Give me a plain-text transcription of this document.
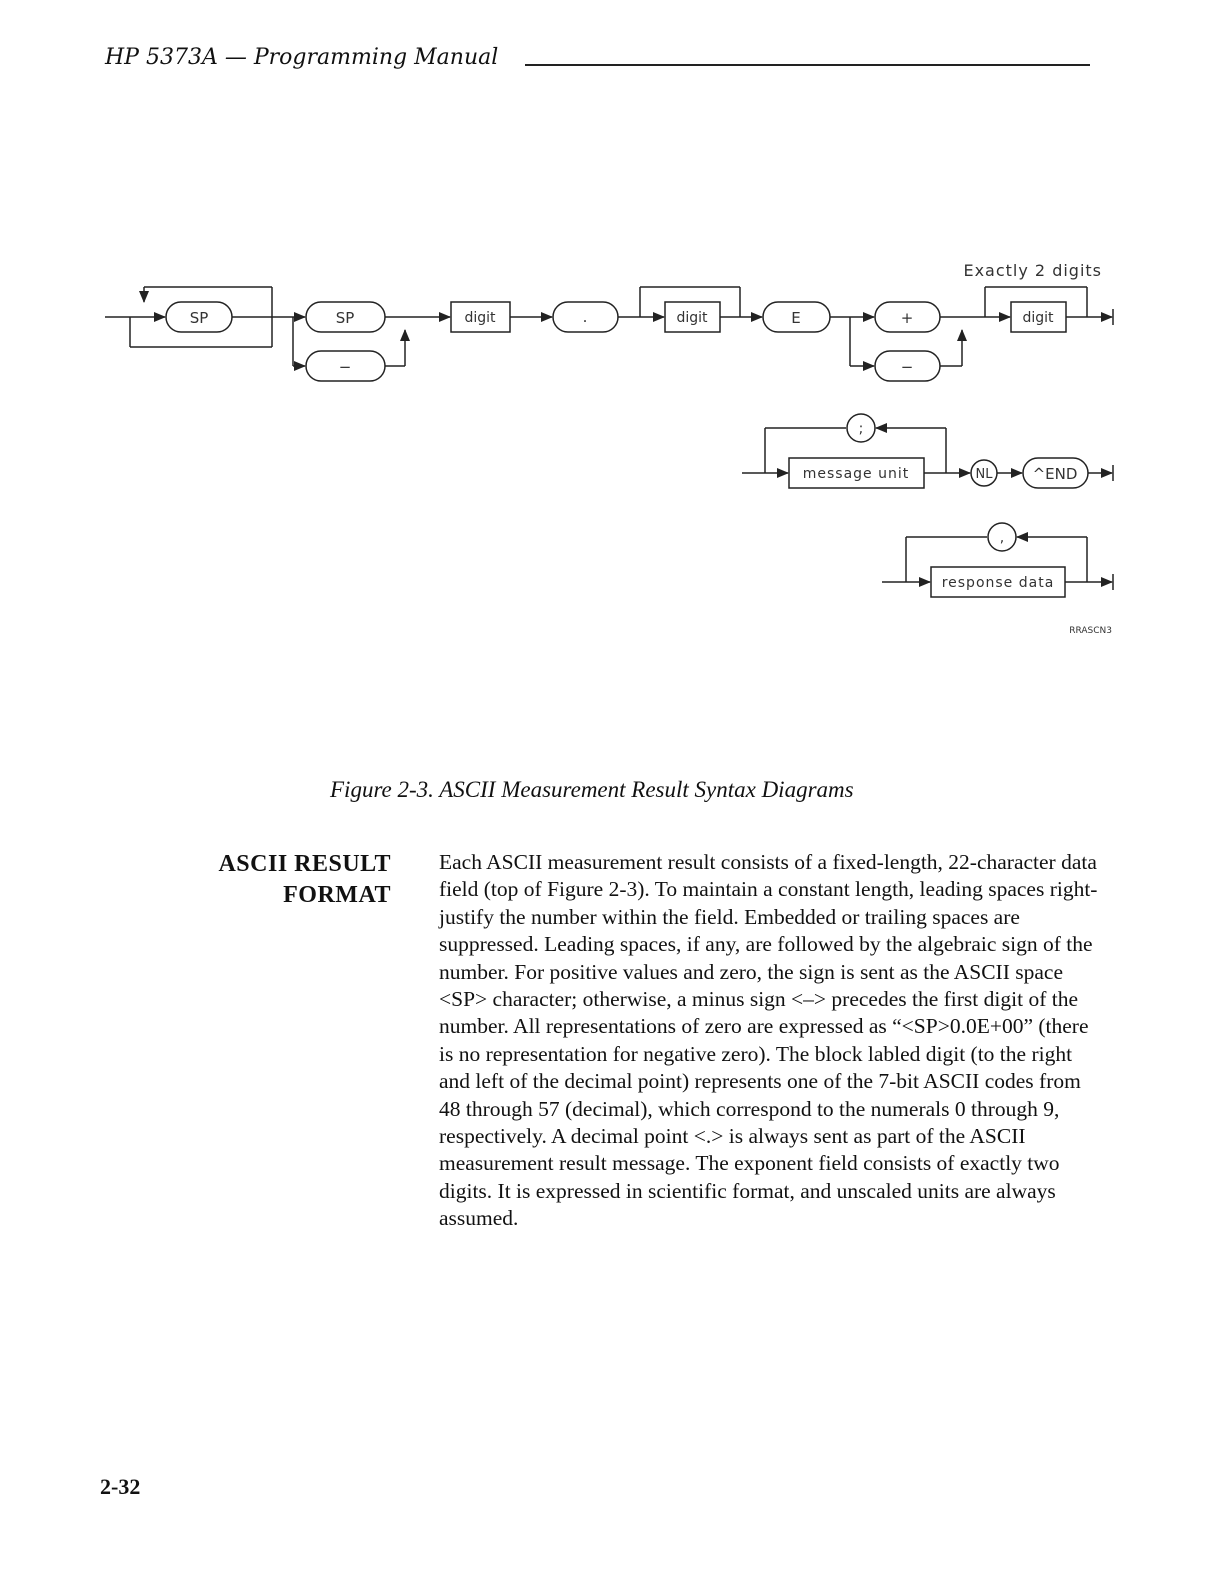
HP 5373A — Programming Manual
SP	SP
−
digit	.	digit	E	+
−
digit
Exactly 2 digits
;
message unit	NL	^END
,
response data
RRASCN3
Figure 2-3. ASCII Measurement Result Syntax Diagrams
ASCII RESULT
FORMAT

Each ASCII measurement result consists of a fixed-length, 22-character data field (top of Figure 2-3). To maintain a constant length, leading spaces right-justify the number within the field. Embedded or trailing spaces are suppressed. Leading spaces, if any, are followed by the algebraic sign of the number. For positive values and zero, the sign is sent as the ASCII space <SP> character; otherwise, a minus sign <–> precedes the first digit of the number. All representations of zero are expressed as “<SP>0.0E+00” (there is no representation for negative zero). The block labled digit (to the right and left of the decimal point) represents one of the 7-bit ASCII codes from 48 through 57 (decimal), which correspond to the numerals 0 through 9, respectively. A decimal point <.> is always sent as part of the ASCII measurement result message. The exponent field consists of exactly two digits. It is expressed in scientific format, and unscaled units are always assumed.

2-32
